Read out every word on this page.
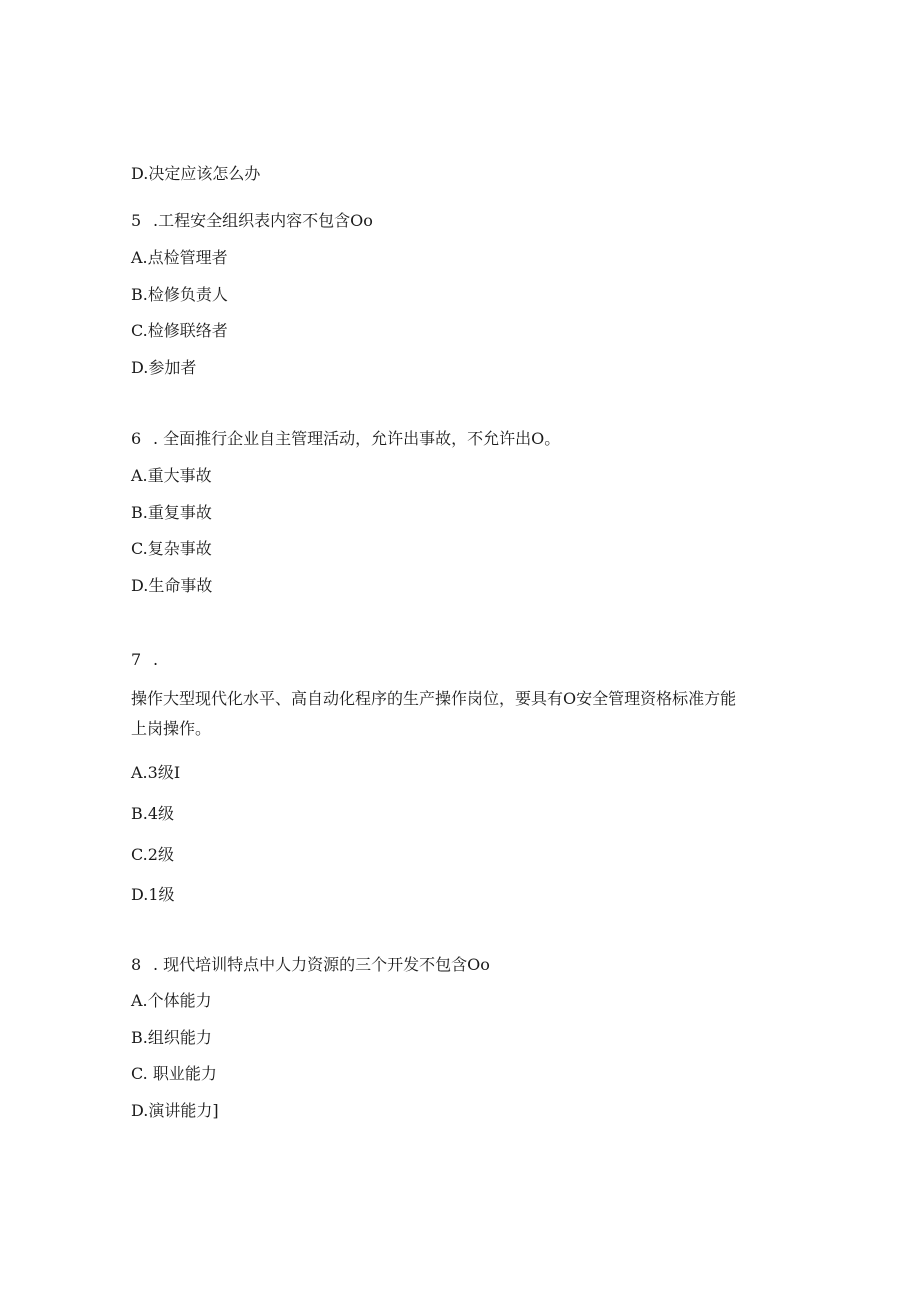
D.决定应该怎么办

5 .工程安全组织表内容不包含Oo

A.点检管理者

B.检修负责人

C.检修联络者

D.参加者

6 . 全面推行企业自主管理活动，允许出事故，不允许出O。

A.重大事故

B.重复事故

C.复杂事故

D.生命事故

7 .

操作大型现代化水平、高自动化程序的生产操作岗位，要具有O安全管理资格标准方能

上岗操作。

A.3级I

B.4级

C.2级

D.1级

8 . 现代培训特点中人力资源的三个开发不包含Oo

A.个体能力

B.组织能力

C. 职业能力

D.演讲能力]
